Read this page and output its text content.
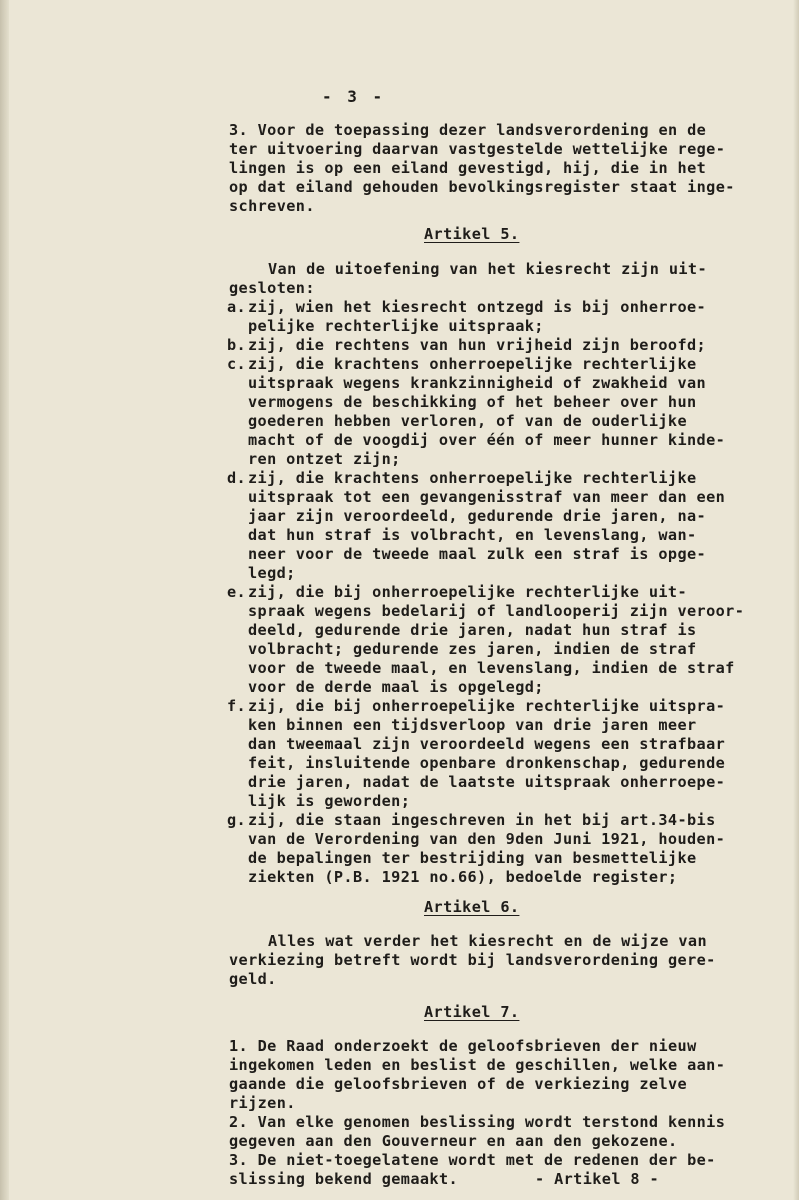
- 3 -
3. Voor de toepassing dezer landsverordening en de
ter uitvoering daarvan vastgestelde wettelijke rege-
lingen is op een eiland gevestigd, hij, die in het
op dat eiland gehouden bevolkingsregister staat inge-
schreven.
Artikel 5.
Van de uitoefening van het kiesrecht zijn uit-
gesloten:
a. zij, wien het kiesrecht ontzegd is bij onherroe-
pelijke rechterlijke uitspraak;
b. zij, die rechtens van hun vrijheid zijn beroofd;
c. zij, die krachtens onherroepelijke rechterlijke
uitspraak wegens krankzinnigheid of zwakheid van
vermogens de beschikking of het beheer over hun
goederen hebben verloren, of van de ouderlijke
macht of de voogdij over één of meer hunner kinde-
ren ontzet zijn;
d. zij, die krachtens onherroepelijke rechterlijke
uitspraak tot een gevangenisstraf van meer dan een
jaar zijn veroordeeld, gedurende drie jaren, na-
dat hun straf is volbracht, en levenslang, wan-
neer voor de tweede maal zulk een straf is opge-
legd;
e. zij, die bij onherroepelijke rechterlijke uit-
spraak wegens bedelarij of landlooperij zijn veroor-
deeld, gedurende drie jaren, nadat hun straf is
volbracht; gedurende zes jaren, indien de straf
voor de tweede maal, en levenslang, indien de straf
voor de derde maal is opgelegd;
f. zij, die bij onherroepelijke rechterlijke uitspra-
ken binnen een tijdsverloop van drie jaren meer
dan tweemaal zijn veroordeeld wegens een strafbaar
feit, insluitende openbare dronkenschap, gedurende
drie jaren, nadat de laatste uitspraak onherroepe-
lijk is geworden;
g. zij, die staan ingeschreven in het bij art.34-bis
van de Verordening van den 9den Juni 1921, houden-
de bepalingen ter bestrijding van besmettelijke
ziekten (P.B. 1921 no.66), bedoelde register;
Artikel 6.
Alles wat verder het kiesrecht en de wijze van
verkiezing betreft wordt bij landsverordening gere-
geld.
Artikel 7.
1. De Raad onderzoekt de geloofsbrieven der nieuw
ingekomen leden en beslist de geschillen, welke aan-
gaande die geloofsbrieven of de verkiezing zelve
rijzen.
2. Van elke genomen beslissing wordt terstond kennis
gegeven aan den Gouverneur en aan den gekozene.
3. De niet-toegelatene wordt met de redenen der be-
slissing bekend gemaakt.	- Artikel 8 -
